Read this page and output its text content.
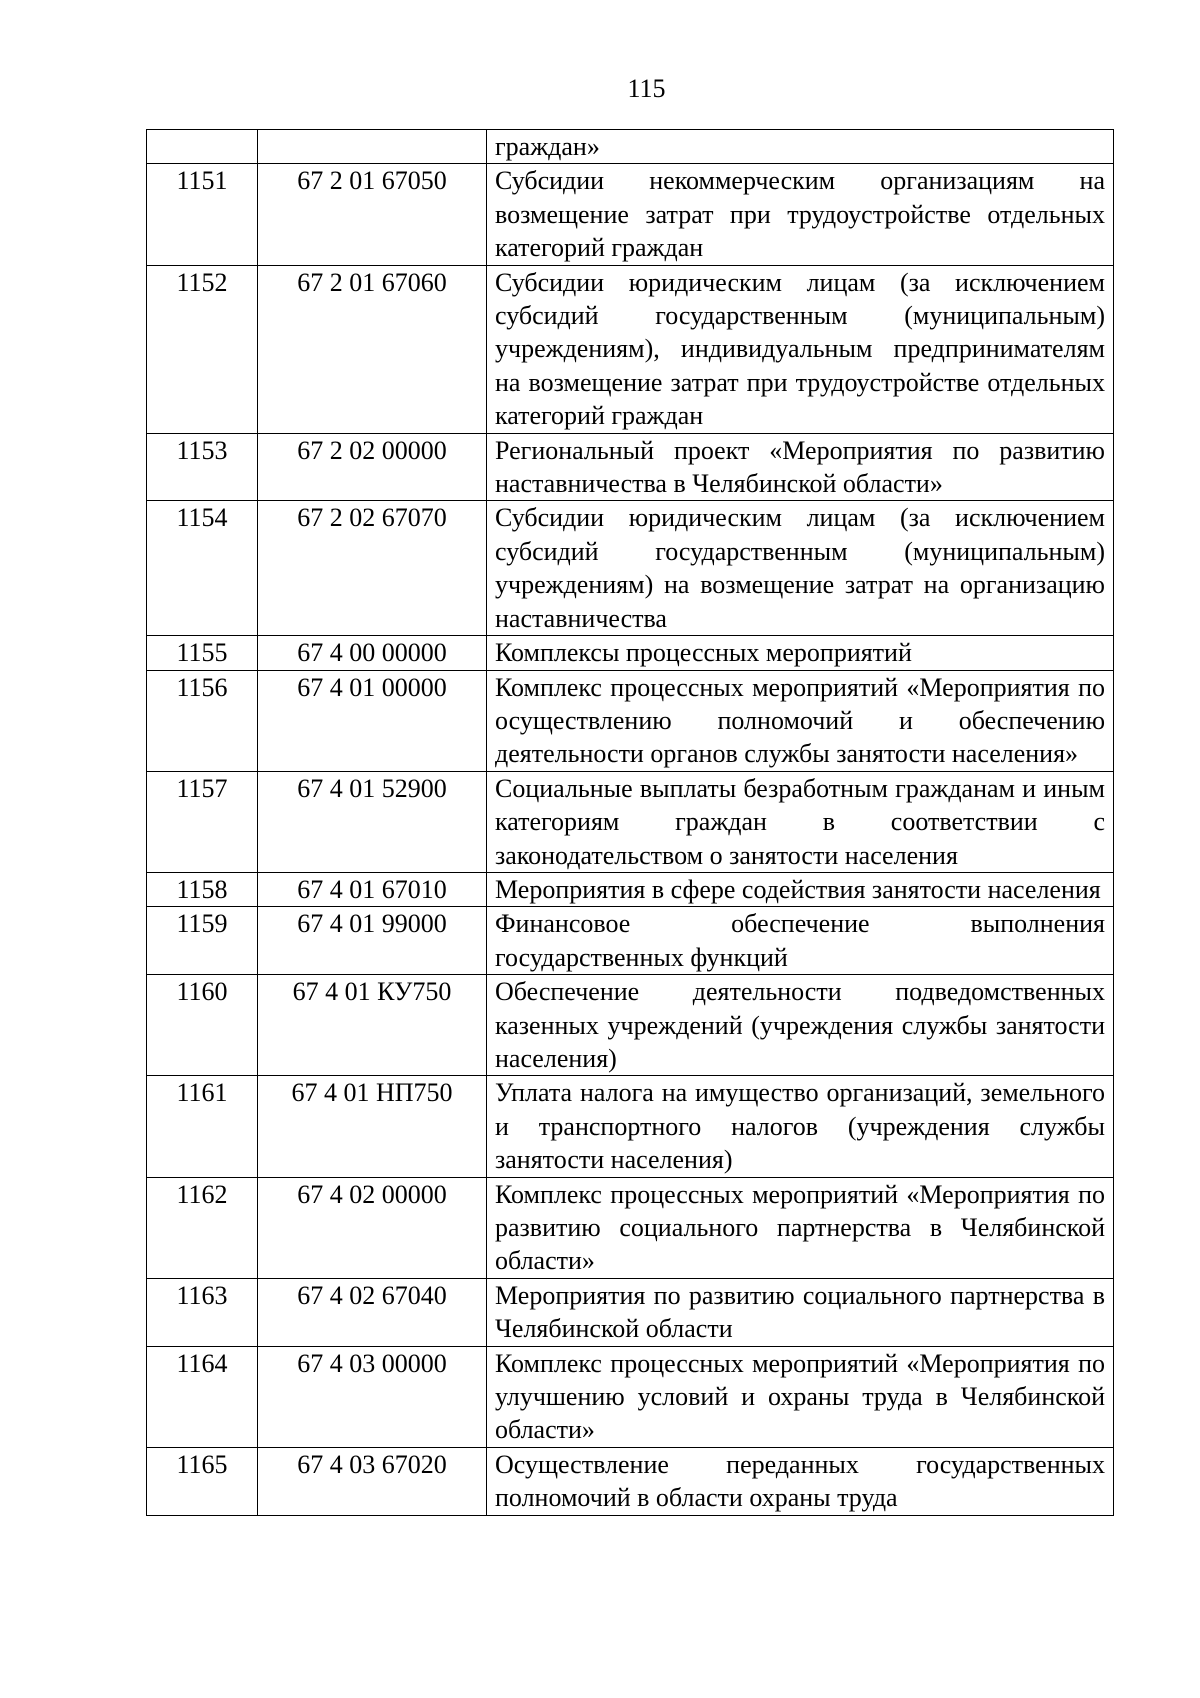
115
		граждан»
1151	67 2 01 67050	Субсидии некоммерческим организациям на возмещение затрат при трудоустройстве отдельных категорий граждан
1152	67 2 01 67060	Субсидии юридическим лицам (за исключением субсидий государственным (муниципальным) учреждениям), индивидуальным предпринимателям на возмещение затрат при трудоустройстве отдельных категорий граждан
1153	67 2 02 00000	Региональный проект «Мероприятия по развитию наставничества в Челябинской области»
1154	67 2 02 67070	Субсидии юридическим лицам (за исключением субсидий государственным (муниципальным) учреждениям) на возмещение затрат на организацию наставничества
1155	67 4 00 00000	Комплексы процессных мероприятий
1156	67 4 01 00000	Комплекс процессных мероприятий «Мероприятия по осуществлению полномочий и обеспечению деятельности органов службы занятости населения»
1157	67 4 01 52900	Социальные выплаты безработным гражданам и иным категориям граждан в соответствии с законодательством о занятости населения
1158	67 4 01 67010	Мероприятия в сфере содействия занятости населения
1159	67 4 01 99000	Финансовое обеспечение выполнения государственных функций
1160	67 4 01 КУ750	Обеспечение деятельности подведомственных казенных учреждений (учреждения службы занятости населения)
1161	67 4 01 НП750	Уплата налога на имущество организаций, земельного и транспортного налогов (учреждения службы занятости населения)
1162	67 4 02 00000	Комплекс процессных мероприятий «Мероприятия по развитию социального партнерства в Челябинской области»
1163	67 4 02 67040	Мероприятия по развитию социального партнерства в Челябинской области
1164	67 4 03 00000	Комплекс процессных мероприятий «Мероприятия по улучшению условий и охраны труда в Челябинской области»
1165	67 4 03 67020	Осуществление переданных государственных полномочий в области охраны труда
